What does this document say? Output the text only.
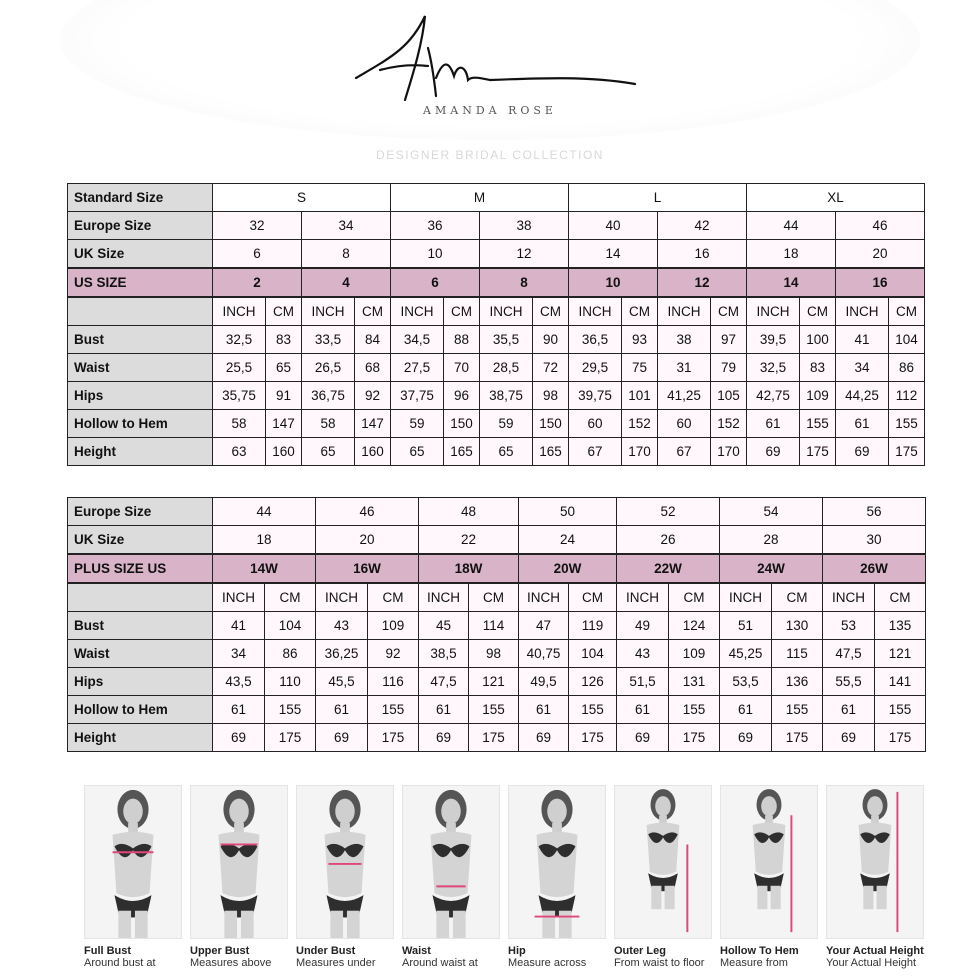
Am
AMANDA ROSE
DESIGNER BRIDAL COLLECTION
Standard Size	S				M				L				XL			
Europe Size	32		34		36		38		40		42		44		46	
UK Size	6		8		10		12		14		16		18		20	
US SIZE	2		4		6		8		10		12		14		16	
	INCH	CM	INCH	CM	INCH	CM	INCH	CM	INCH	CM	INCH	CM	INCH	CM	INCH	CM
Bust	32,5	83	33,5	84	34,5	88	35,5	90	36,5	93	38	97	39,5	100	41	104
Waist	25,5	65	26,5	68	27,5	70	28,5	72	29,5	75	31	79	32,5	83	34	86
Hips	35,75	91	36,75	92	37,75	96	38,75	98	39,75	101	41,25	105	42,75	109	44,25	112
Hollow to Hem	58	147	58	147	59	150	59	150	60	152	60	152	61	155	61	155
Height	63	160	65	160	65	165	65	165	67	170	67	170	69	175	69	175
Europe Size	44		46		48		50		52		54		56	
UK Size	18		20		22		24		26		28		30	
PLUS SIZE US	14W		16W		18W		20W		22W		24W		26W	
	INCH	CM	INCH	CM	INCH	CM	INCH	CM	INCH	CM	INCH	CM	INCH	CM
Bust	41	104	43	109	45	114	47	119	49	124	51	130	53	135
Waist	34	86	36,25	92	38,5	98	40,75	104	43	109	45,25	115	47,5	121
Hips	43,5	110	45,5	116	47,5	121	49,5	126	51,5	131	53,5	136	55,5	141
Hollow to Hem	61	155	61	155	61	155	61	155	61	155	61	155	61	155
Height	69	175	69	175	69	175	69	175	69	175	69	175	69	175
Full Bust
Around bust at
Upper Bust
Measures above
Under Bust
Measures under
Waist
Around waist at
Hip
Measure across
Outer Leg
From waist to floor
Hollow To Hem
Measure from
Your Actual Height
Your Actual Height
